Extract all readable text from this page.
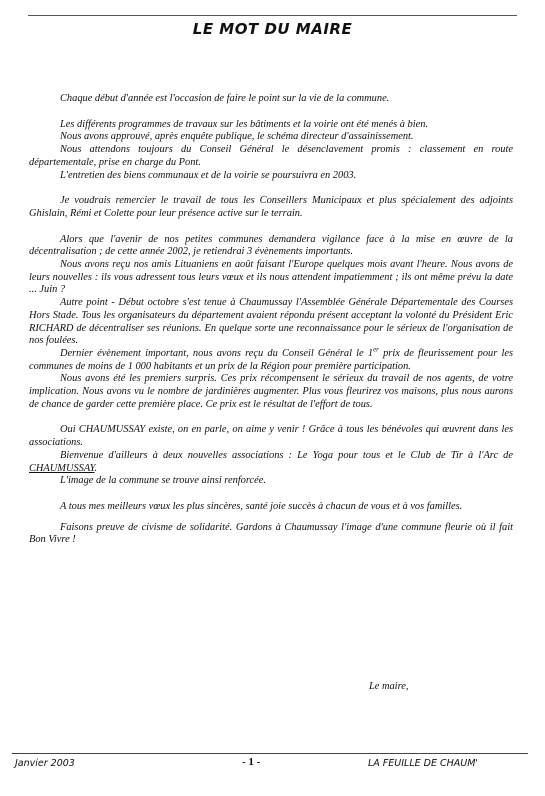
LE MOT DU MAIRE

Chaque début d'année est l'occasion de faire le point sur la vie de la commune.

Les différents programmes de travaux sur les bâtiments et la voirie ont été menés à bien.

Nous avons approuvé, après enquête publique, le schéma directeur d'assainissement.

Nous attendons toujours du Conseil Général le désenclavement promis : classement en route départementale, prise en charge du Pont.

L'entretien des biens communaux et de la voirie se poursuivra en 2003.

Je voudrais remercier le travail de tous les Conseillers Municipaux et plus spécialement des adjoints Ghislain, Rémi et Colette pour leur présence active sur le terrain.

Alors que l'avenir de nos petites communes demandera vigilance face à la mise en œuvre de la décentralisation ; de cette année 2002, je retiendrai 3 évènements importants.

Nous avons reçu nos amis Lituaniens en août faisant l'Europe quelques mois avant l'heure. Nous avons de leurs nouvelles : ils vous adressent tous leurs vœux et ils nous attendent impatiemment ; ils ont même prévu la date ... Juin ?

Autre point - Début octobre s'est tenue à Chaumussay l'Assemblée Générale Départementale des Courses Hors Stade. Tous les organisateurs du département avaient répondu présent acceptant la volonté du Président Eric RICHARD de décentraliser ses réunions. En quelque sorte une reconnaissance pour le sérieux de l'organisation de nos foulées.

Dernier évènement important, nous avons reçu du Conseil Général le 1er prix de fleurissement pour les communes de moins de 1 000 habitants et un prix de la Région pour première participation.

Nous avons été les premiers surpris. Ces prix récompensent le sérieux du travail de nos agents, de votre implication. Nous avons vu le nombre de jardinières augmenter. Plus vous fleurirez vos maisons, plus nous aurons de chance de garder cette première place. Ce prix est le résultat de l'effort de tous.

Oui CHAUMUSSAY existe, on en parle, on aime y venir ! Grâce à tous les bénévoles qui œuvrent dans les associations.

Bienvenue d'ailleurs à deux nouvelles associations : Le Yoga pour tous et le Club de Tir à l'Arc de CHAUMUSSAY.

L'image de la commune se trouve ainsi renforcée.

A tous mes meilleurs vœux les plus sincères, santé joie succès à chacun de vous et à vos familles.

Faisons preuve de civisme de solidarité. Gardons à Chaumussay l'image d'une commune fleurie où il fait Bon Vivre !

Le maire,
Janvier 2003	- 1 -	LA FEUILLE DE CHAUM'
